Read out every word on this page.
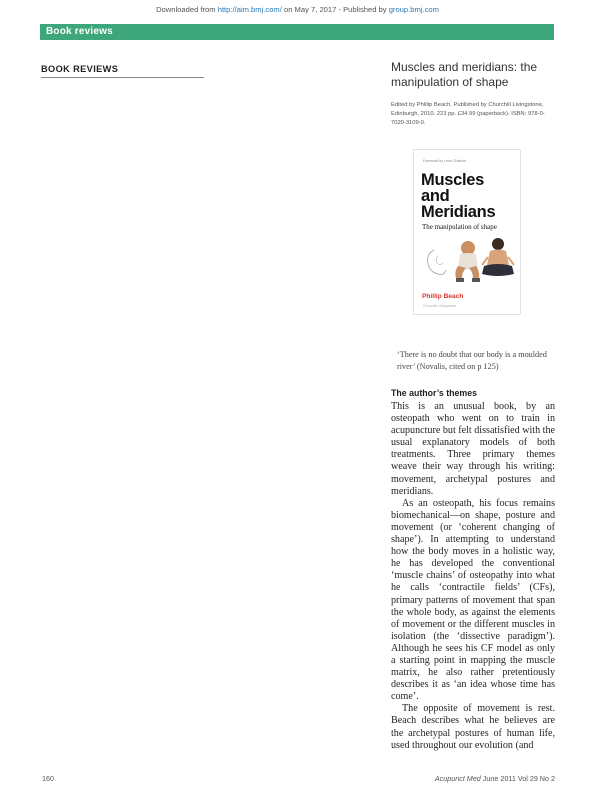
Downloaded from http://aim.bmj.com/ on May 7, 2017 - Published by group.bmj.com
Book reviews
BOOK REVIEWS	Muscles and meridians: the manipulation of shape
Edited by Phillip Beach. Published by Churchill Livingstone, Edinburgh, 2010. 223 pp. £34.99 (paperback). ISBN: 978-0-7020-3109-0.
Foreword by Leon Chaitow
Muscles
and
Meridians
The manipulation of shape
Phillip Beach
Churchill Livingstone
‘There is no doubt that our body is a moulded river’ (Novalis, cited on p 125)
The author’s themes

This is an unusual book, by an osteopath who went on to train in acupuncture but felt dissatisfied with the usual explanatory models of both treatments. Three primary themes weave their way through his writing: movement, archetypal postures and meridians.

As an osteopath, his focus remains biomechanical—on shape, posture and movement (or ‘coherent changing of shape’). In attempting to understand how the body moves in a holistic way, he has developed the conventional ‘muscle chains’ of osteopathy into what he calls ‘contractile fields’ (CFs), primary patterns of movement that span the whole body, as against the elements of movement or the different muscles in isolation (the ‘dissective paradigm’). Although he sees his CF model as only a starting point in mapping the muscle matrix, he also rather pretentiously describes it as ‘an idea whose time has come’.

The opposite of movement is rest. Beach describes what he believes are the archetypal postures of human life, used throughout our evolution (and

160	Acupunct Med June 2011 Vol 29 No 2
